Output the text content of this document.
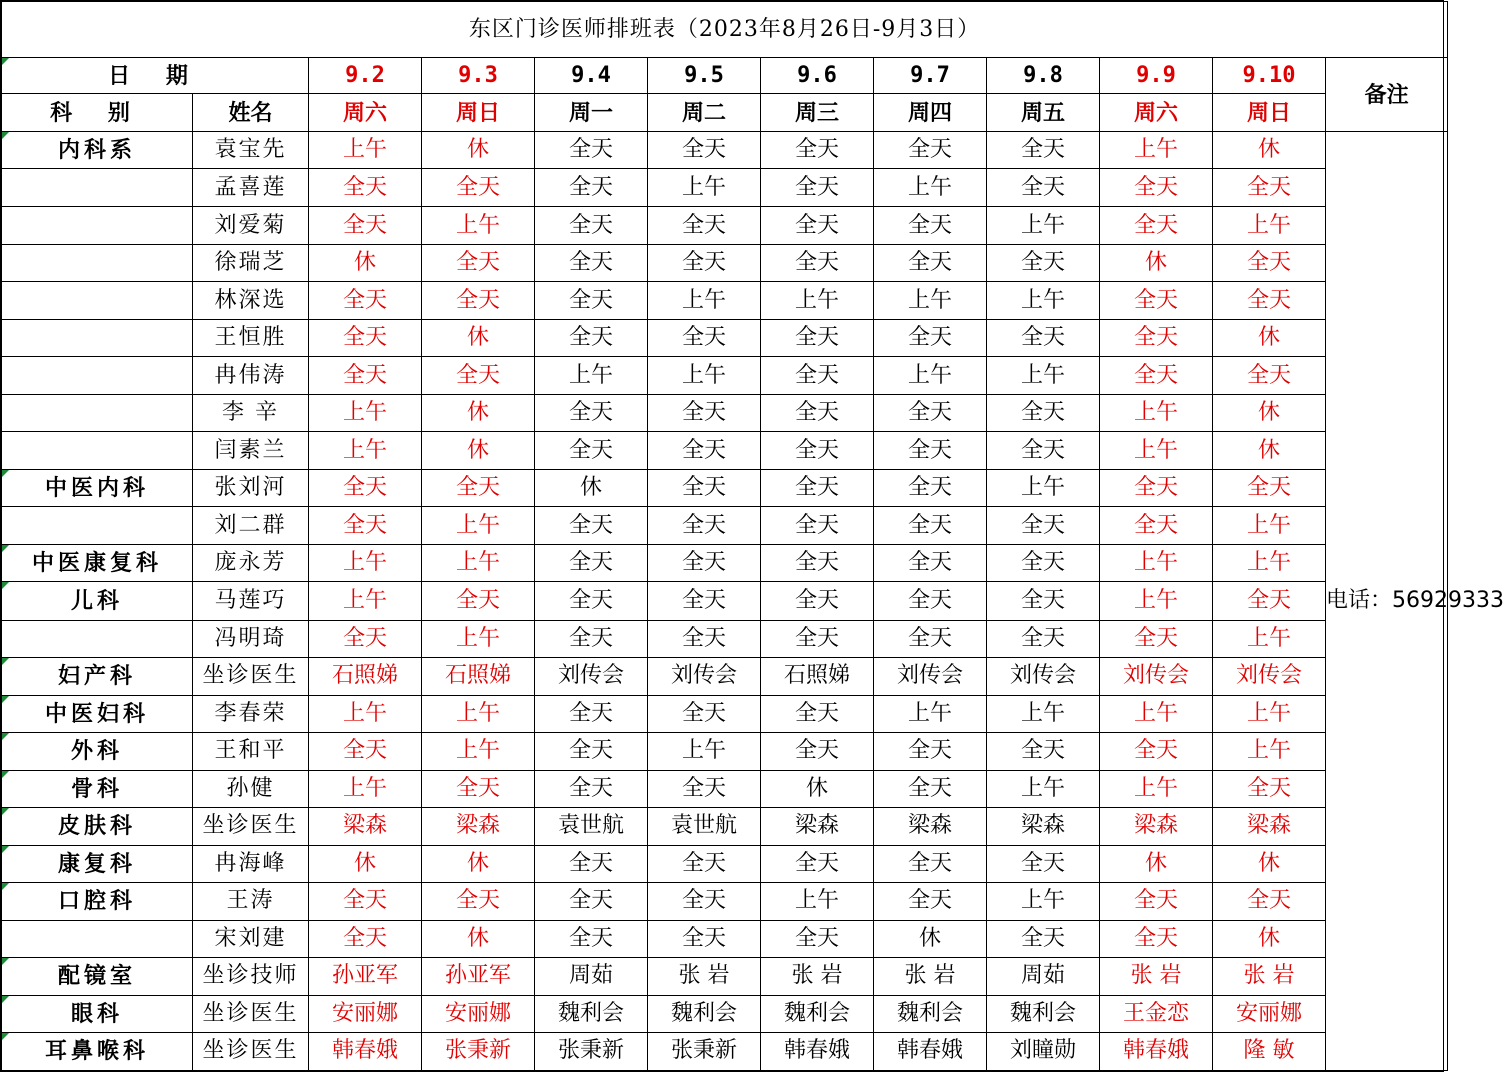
东区门诊医师排班表（2023年8月26日-9月3日）											
日 期		9.2	9.3	9.4	9.5	9.6	9.7	9.8	9.9	9.10	备注
科 别	姓名	周六	周日	周一	周二	周三	周四	周五	周六	周日	
内科系	袁宝先	上午	休	全天	全天	全天	全天	全天	上午	休	电话：56929333
	孟喜莲	全天	全天	全天	上午	全天	上午	全天	全天	全天	
	刘爱菊	全天	上午	全天	全天	全天	全天	上午	全天	上午	
	徐瑞芝	休	全天	全天	全天	全天	全天	全天	休	全天	
	林深选	全天	全天	全天	上午	上午	上午	上午	全天	全天	
	王恒胜	全天	休	全天	全天	全天	全天	全天	全天	休	
	冉伟涛	全天	全天	上午	上午	全天	上午	上午	全天	全天	
	李 辛	上午	休	全天	全天	全天	全天	全天	上午	休	
	闫素兰	上午	休	全天	全天	全天	全天	全天	上午	休	
中医内科	张刘河	全天	全天	休	全天	全天	全天	上午	全天	全天	
	刘二群	全天	上午	全天	全天	全天	全天	全天	全天	上午	
中医康复科	庞永芳	上午	上午	全天	全天	全天	全天	全天	上午	上午	
儿科	马莲巧	上午	全天	全天	全天	全天	全天	全天	上午	全天	
	冯明琦	全天	上午	全天	全天	全天	全天	全天	全天	上午	
妇产科	坐诊医生	石照娣	石照娣	刘传会	刘传会	石照娣	刘传会	刘传会	刘传会	刘传会	
中医妇科	李春荣	上午	上午	全天	全天	全天	上午	上午	上午	上午	
外科	王和平	全天	上午	全天	上午	全天	全天	全天	全天	上午	
骨科	孙健	上午	全天	全天	全天	休	全天	上午	上午	全天	
皮肤科	坐诊医生	梁森	梁森	袁世航	袁世航	梁森	梁森	梁森	梁森	梁森	
康复科	冉海峰	休	休	全天	全天	全天	全天	全天	休	休	
口腔科	王涛	全天	全天	全天	全天	上午	全天	上午	全天	全天	
	宋刘建	全天	休	全天	全天	全天	休	全天	全天	休	
配镜室	坐诊技师	孙亚军	孙亚军	周茹	张 岩	张 岩	张 岩	周茹	张 岩	张 岩	
眼科	坐诊医生	安丽娜	安丽娜	魏利会	魏利会	魏利会	魏利会	魏利会	王金恋	安丽娜	
耳鼻喉科	坐诊医生	韩春娥	张秉新	张秉新	张秉新	韩春娥	韩春娥	刘瞳勋	韩春娥	隆 敏	
